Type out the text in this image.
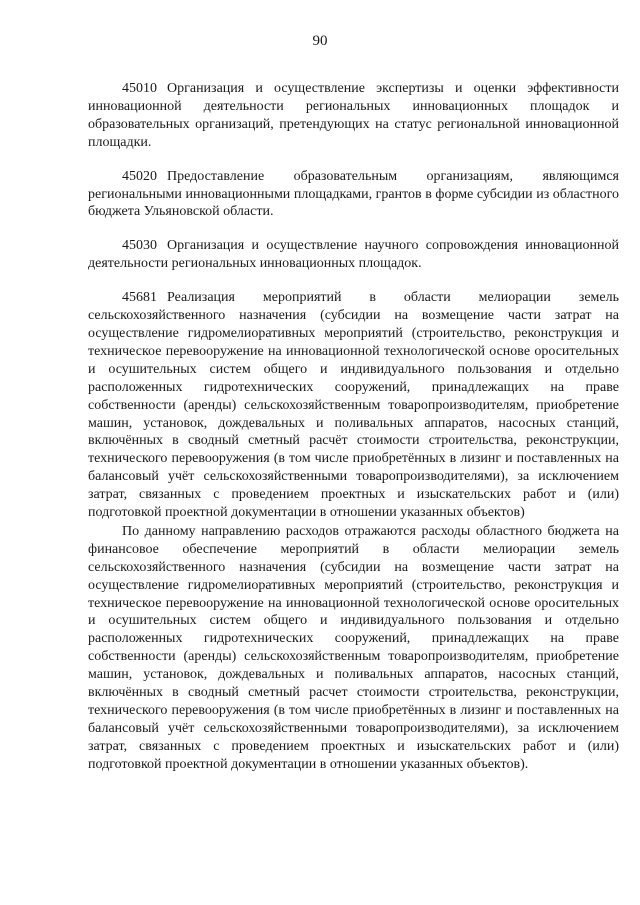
90

45010 Организация и осуществление экспертизы и оценки эффективности инновационной деятельности региональных инновационных площадок и образовательных организаций, претендующих на статус региональной инновационной площадки.

45020 Предоставление образовательным организациям, являющимся региональными инновационными площадками, грантов в форме субсидии из областного бюджета Ульяновской области.

45030 Организация и осуществление научного сопровождения инновационной деятельности региональных инновационных площадок.

45681 Реализация мероприятий в области мелиорации земель сельскохозяйственного назначения (субсидии на возмещение части затрат на осуществление гидромелиоративных мероприятий (строительство, реконструкция и техническое перевооружение на инновационной технологической основе оросительных и осушительных систем общего и индивидуального пользования и отдельно расположенных гидротехнических сооружений, принадлежащих на праве собственности (аренды) сельскохозяйственным товаропроизводителям, приобретение машин, установок, дождевальных и поливальных аппаратов, насосных станций, включённых в сводный сметный расчёт стоимости строительства, реконструкции, технического перевооружения (в том числе приобретённых в лизинг и поставленных на балансовый учёт сельскохозяйственными товаропроизводителями), за исключением затрат, связанных с проведением проектных и изыскательских работ и (или) подготовкой проектной документации в отношении указанных объектов)

По данному направлению расходов отражаются расходы областного бюджета на финансовое обеспечение мероприятий в области мелиорации земель сельскохозяйственного назначения (субсидии на возмещение части затрат на осуществление гидромелиоративных мероприятий (строительство, реконструкция и техническое перевооружение на инновационной технологической основе оросительных и осушительных систем общего и индивидуального пользования и отдельно расположенных гидротехнических сооружений, принадлежащих на праве собственности (аренды) сельскохозяйственным товаропроизводителям, приобретение машин, установок, дождевальных и поливальных аппаратов, насосных станций, включённых в сводный сметный расчет стоимости строительства, реконструкции, технического перевооружения (в том числе приобретённых в лизинг и поставленных на балансовый учёт сельскохозяйственными товаропроизводителями), за исключением затрат, связанных с проведением проектных и изыскательских работ и (или) подготовкой проектной документации в отношении указанных объектов).
